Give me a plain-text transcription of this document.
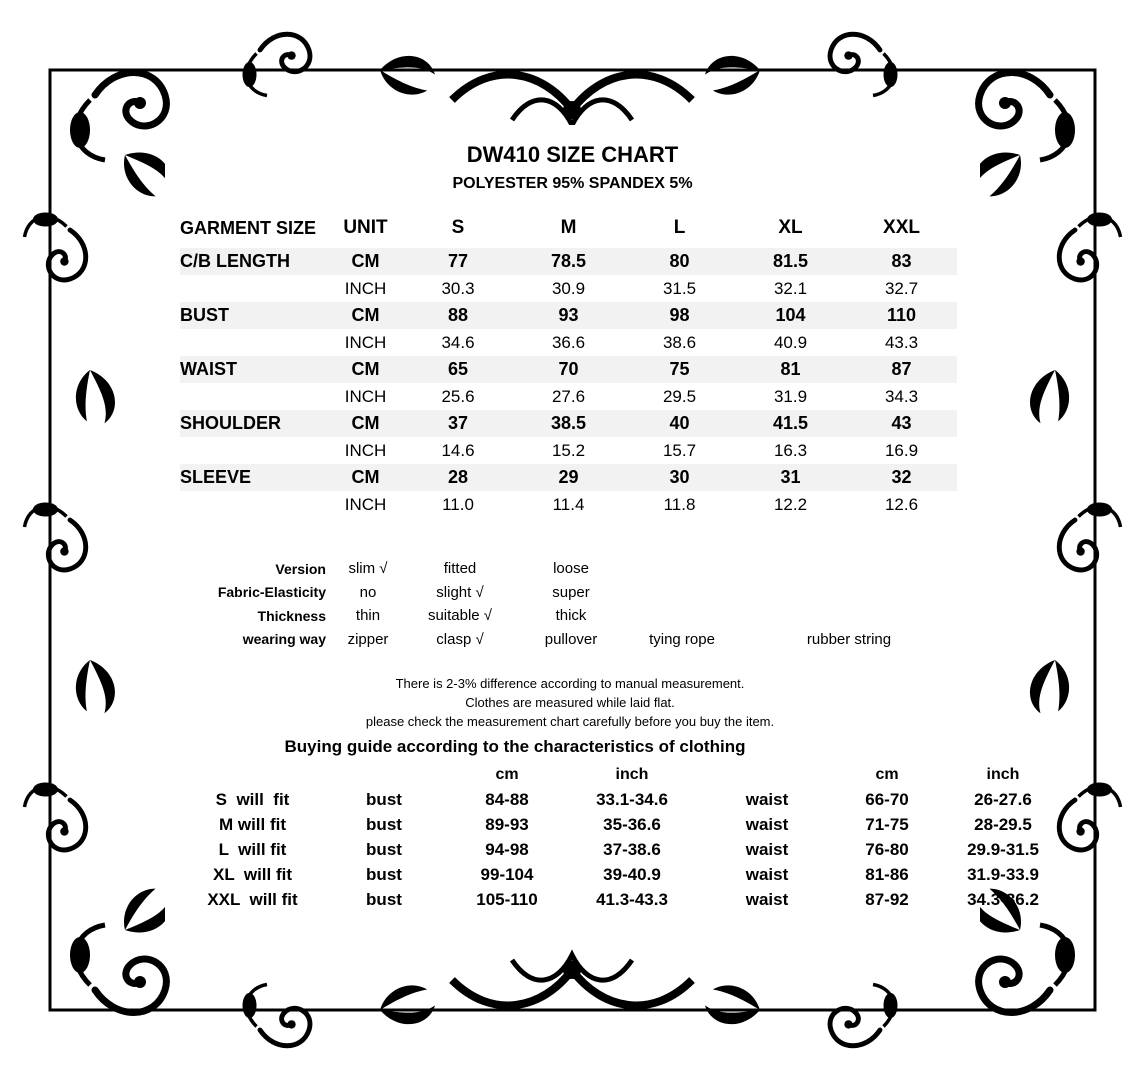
DW410 SIZE CHART
POLYESTER 95% SPANDEX 5%
GARMENT SIZE	UNIT	S	M	L	XL	XXL
C/B LENGTH	CM	77	78.5	80	81.5	83
	INCH	30.3	30.9	31.5	32.1	32.7
BUST	CM	88	93	98	104	110
	INCH	34.6	36.6	38.6	40.9	43.3
WAIST	CM	65	70	75	81	87
	INCH	25.6	27.6	29.5	31.9	34.3
SHOULDER	CM	37	38.5	40	41.5	43
	INCH	14.6	15.2	15.7	16.3	16.9
SLEEVE	CM	28	29	30	31	32
	INCH	11.0	11.4	11.8	12.2	12.6
Version	slim √	fitted	loose		
Fabric-Elasticity	no	slight √	super		
Thickness	thin	suitable √	thick		
wearing way	zipper	clasp √	pullover	tying rope	rubber string
There is 2-3% difference according to manual measurement.
Clothes are measured while laid flat.
please check the measurement chart carefully before you buy the item.
Buying guide according to the characteristics of clothing
		cm	inch		cm	inch
S  will  fit	bust	84-88	33.1-34.6	waist	66-70	26-27.6
M will fit	bust	89-93	35-36.6	waist	71-75	28-29.5
L  will fit	bust	94-98	37-38.6	waist	76-80	29.9-31.5
XL  will fit	bust	99-104	39-40.9	waist	81-86	31.9-33.9
XXL  will fit	bust	105-110	41.3-43.3	waist	87-92	34.3-36.2
